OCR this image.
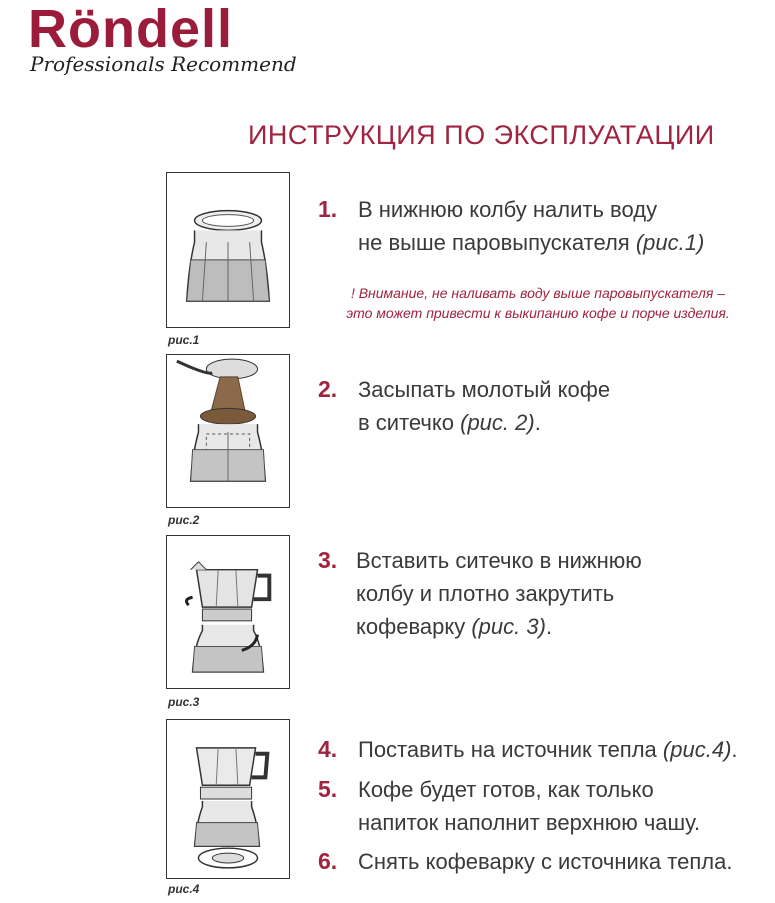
Röndell
Professionals Recommend
ИНСТРУКЦИЯ ПО ЭКСПЛУАТАЦИИ
рис.1
рис.2
рис.3
рис.4
1. В нижнюю колбу налить воду
не выше паровыпускателя (рис.1)
! Внимание, не наливать воду выше паровыпускателя –
это может привести к выкипанию кофе и порче изделия.
2. Засыпать молотый кофе
в ситечко (рис. 2).
3. Вставить ситечко в нижнюю
колбу и плотно закрутить
кофеварку (рис. 3).
4. Поставить на источник тепла (рис.4).
5. Кофе будет готов, как только
напиток наполнит верхнюю чашу.
6. Снять кофеварку с источника тепла.
